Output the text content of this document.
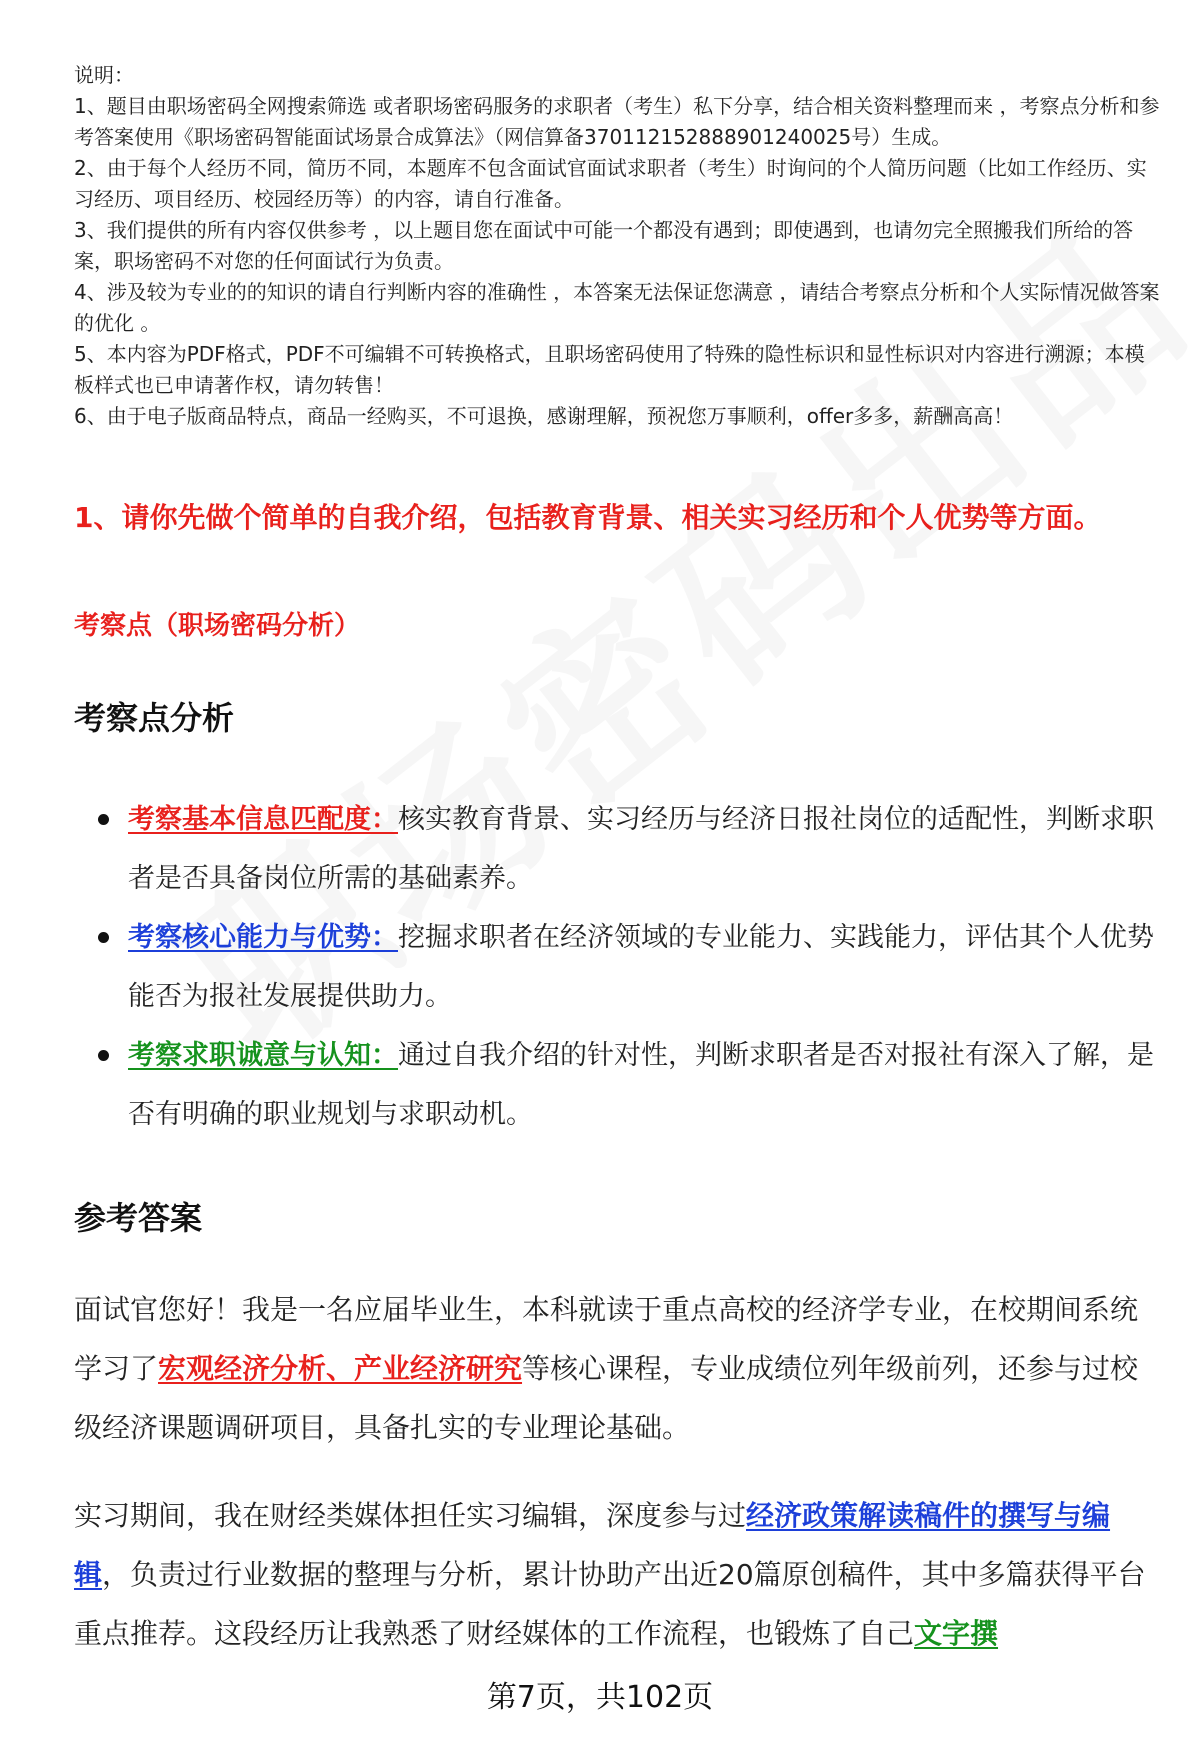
说明：

1、题目由职场密码全网搜索筛选 或者职场密码服务的求职者（考生）私下分享，结合相关资料整理而来 ，考察点分析和参考答案使用《职场密码智能面试场景合成算法》（网信算备370112152888901240025号）生成。

2、由于每个人经历不同，简历不同，本题库不包含面试官面试求职者（考生）时询问的个人简历问题（比如工作经历、实习经历、项目经历、校园经历等）的内容，请自行准备。

3、我们提供的所有内容仅供参考 ，以上题目您在面试中可能一个都没有遇到；即使遇到，也请勿完全照搬我们所给的答案，职场密码不对您的任何面试行为负责。

4、涉及较为专业的的知识的请自行判断内容的准确性 ，本答案无法保证您满意 ，请结合考察点分析和个人实际情况做答案的优化 。

5、本内容为PDF格式，PDF不可编辑不可转换格式，且职场密码使用了特殊的隐性标识和显性标识对内容进行溯源；本模板样式也已申请著作权，请勿转售！

6、由于电子版商品特点，商品一经购买，不可退换，感谢理解，预祝您万事顺利，offer多多，薪酬高高！

1、请你先做个简单的自我介绍，包括教育背景、相关实习经历和个人优势等方面。
考察点（职场密码分析）
考察点分析
考察基本信息匹配度：核实教育背景、实习经历与经济日报社岗位的适配性，判断求职者是否具备岗位所需的基础素养。
考察核心能力与优势：挖掘求职者在经济领域的专业能力、实践能力，评估其个人优势能否为报社发展提供助力。
考察求职诚意与认知：通过自我介绍的针对性，判断求职者是否对报社有深入了解，是否有明确的职业规划与求职动机。
参考答案

面试官您好！我是一名应届毕业生，本科就读于重点高校的经济学专业，在校期间系统学习了宏观经济分析、产业经济研究等核心课程，专业成绩位列年级前列，还参与过校级经济课题调研项目，具备扎实的专业理论基础。

实习期间，我在财经类媒体担任实习编辑，深度参与过经济政策解读稿件的撰写与编辑，负责过行业数据的整理与分析，累计协助产出近20篇原创稿件，其中多篇获得平台重点推荐。这段经历让我熟悉了财经媒体的工作流程，也锻炼了自己文字撰

第7页，共102页
